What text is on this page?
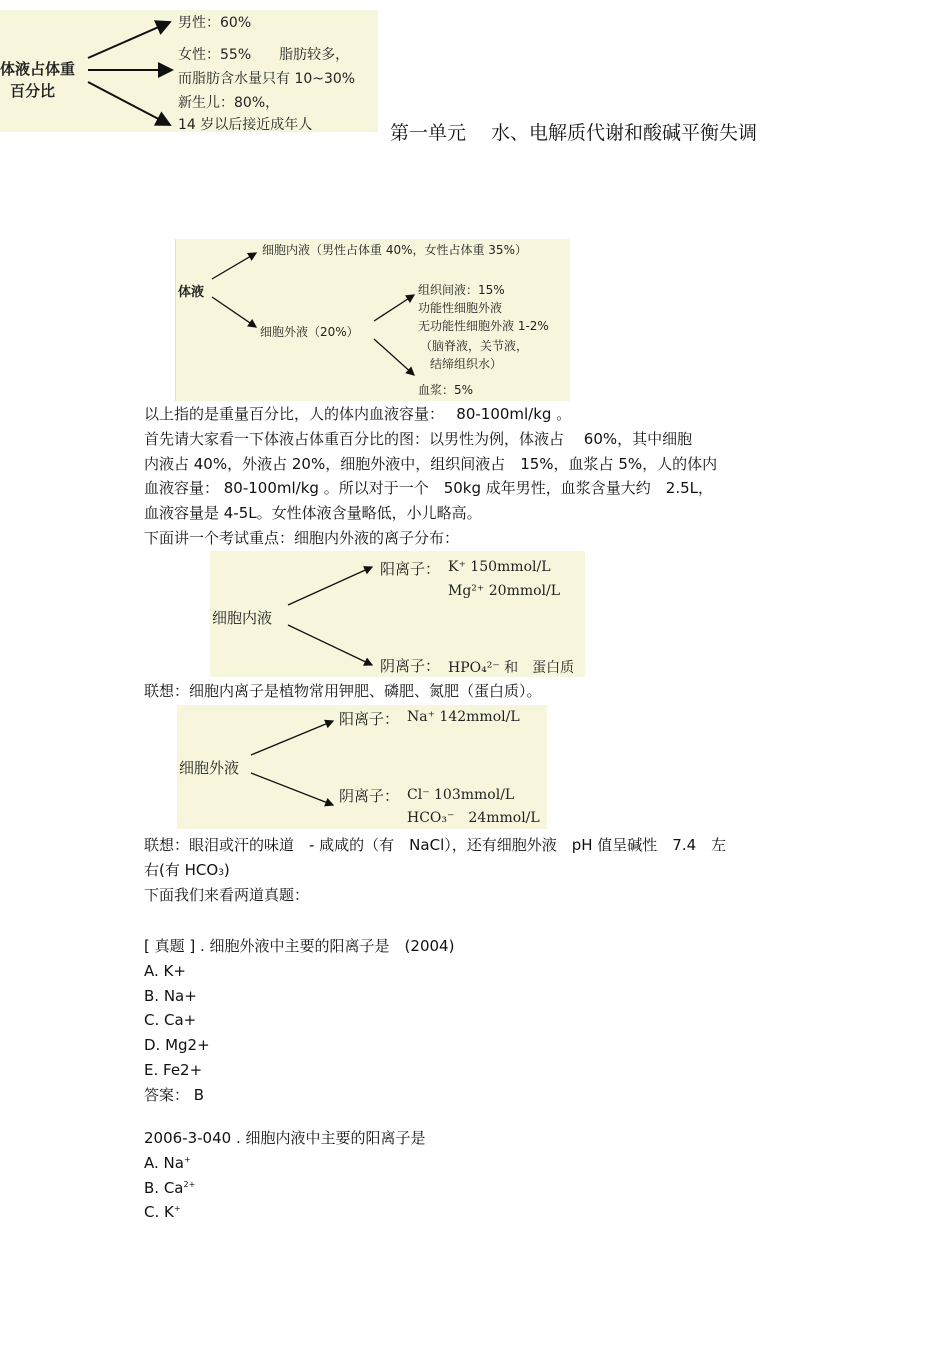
体液占体重
百分比
男性：60%
女性：55%　　脂肪较多，
而脂肪含水量只有 10~30%
新生儿：80%，
14 岁以后接近成年人	第一单元　 水、电解质代谢和酸碱平衡失调
体液
细胞内液（男性占体重 40%，女性占体重 35%）
细胞外液（20%）
组织间液：15%
功能性细胞外液
无功能性细胞外液 1-2%
（脑脊液，关节液，
结缔组织水）
血浆：5%
以上指的是重量百分比，人的体内血液容量：　 80-100ml/kg 。
首先请大家看一下体液占体重百分比的图：以男性为例，体液占　 60%，其中细胞
内液占 40%，外液占 20%，细胞外液中，组织间液占　15%，血浆占 5%，人的体内
血液容量： 80-100ml/kg 。所以对于一个　50kg 成年男性，血浆含量大约　2.5L，
血液容量是 4-5L。女性体液含量略低，小儿略高。
下面讲一个考试重点：细胞内外液的离子分布：
细胞内液
阳离子： K⁺ 150mmol/L
Mg²⁺ 20mmol/L
阴离子： HPO₄²⁻ 和　蛋白质
联想：细胞内离子是植物常用钾肥、磷肥、氮肥（蛋白质）。
细胞外液
阳离子： Na⁺ 142mmol/L
阴离子： Cl⁻ 103mmol/L
HCO₃⁻　24mmol/L
联想：眼泪或汗的味道　- 咸咸的（有　NaCl），还有细胞外液　pH 值呈碱性　7.4　左
右(有 HCO3)
下面我们来看两道真题：
[ 真题 ] . 细胞外液中主要的阳离子是　(2004)
A. K+
B. Na+
C. Ca+
D. Mg2+
E. Fe2+
答案： B
2006-3-040 . 细胞内液中主要的阳离子是
A. Na+
B. $Ca^{2+}$
C. K+
